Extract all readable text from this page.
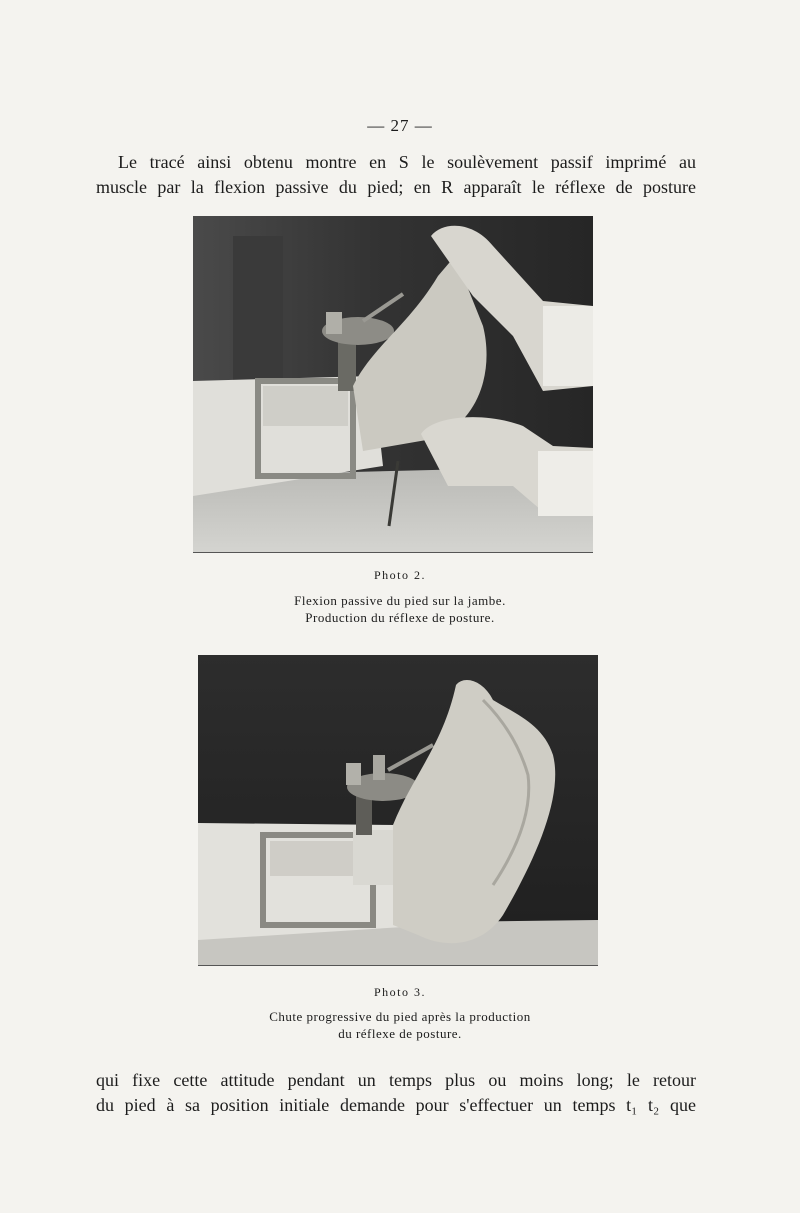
— 27 —

Le tracé ainsi obtenu montre en S le soulèvement passif imprimé au
muscle par la flexion passive du pied; en R apparaît le réflexe de posture

Photo 2.
Flexion passive du pied sur la jambe.
Production du réflexe de posture.
Photo 3.
Chute progressive du pied après la production
du réflexe de posture.

qui fixe cette attitude pendant un temps plus ou moins long; le retour
du pied à sa position initiale demande pour s'effectuer un temps t₁ t₂ que
